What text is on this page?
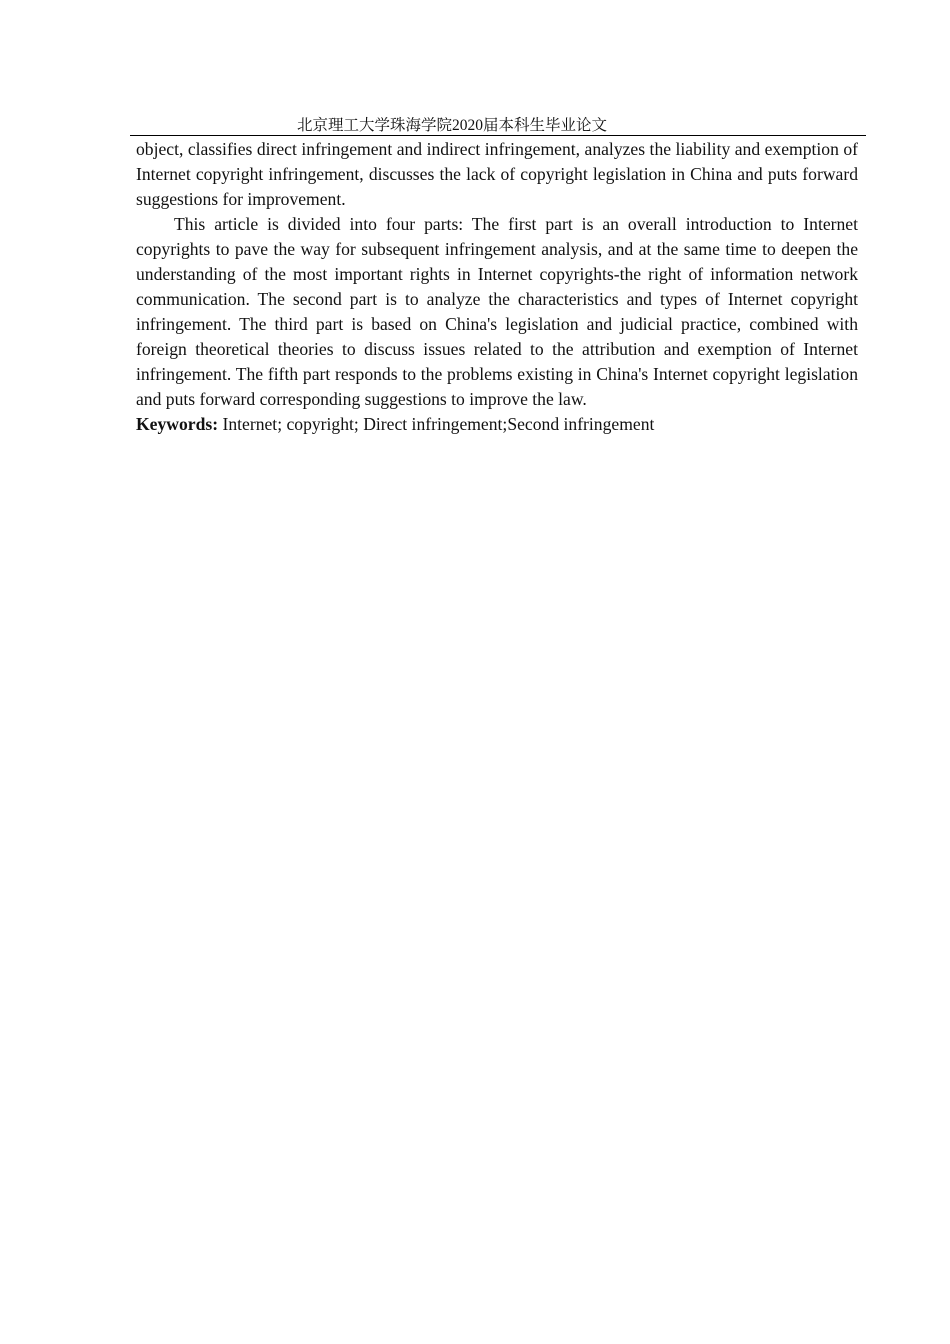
北京理工大学珠海学院2020届本科生毕业论文

object, classifies direct infringement and indirect infringement, analyzes the liability and exemption of Internet copyright infringement, discusses the lack of copyright legislation in China and puts forward suggestions for improvement.

This article is divided into four parts: The first part is an overall introduction to Internet copyrights to pave the way for subsequent infringement analysis, and at the same time to deepen the understanding of the most important rights in Internet copyrights-the right of information network communication. The second part is to analyze the characteristics and types of Internet copyright infringement. The third part is based on China's legislation and judicial practice, combined with foreign theoretical theories to discuss issues related to the attribution and exemption of Internet infringement. The fifth part responds to the problems existing in China's Internet copyright legislation and puts forward corresponding suggestions to improve the law.

Keywords: Internet; copyright; Direct infringement;Second infringement
